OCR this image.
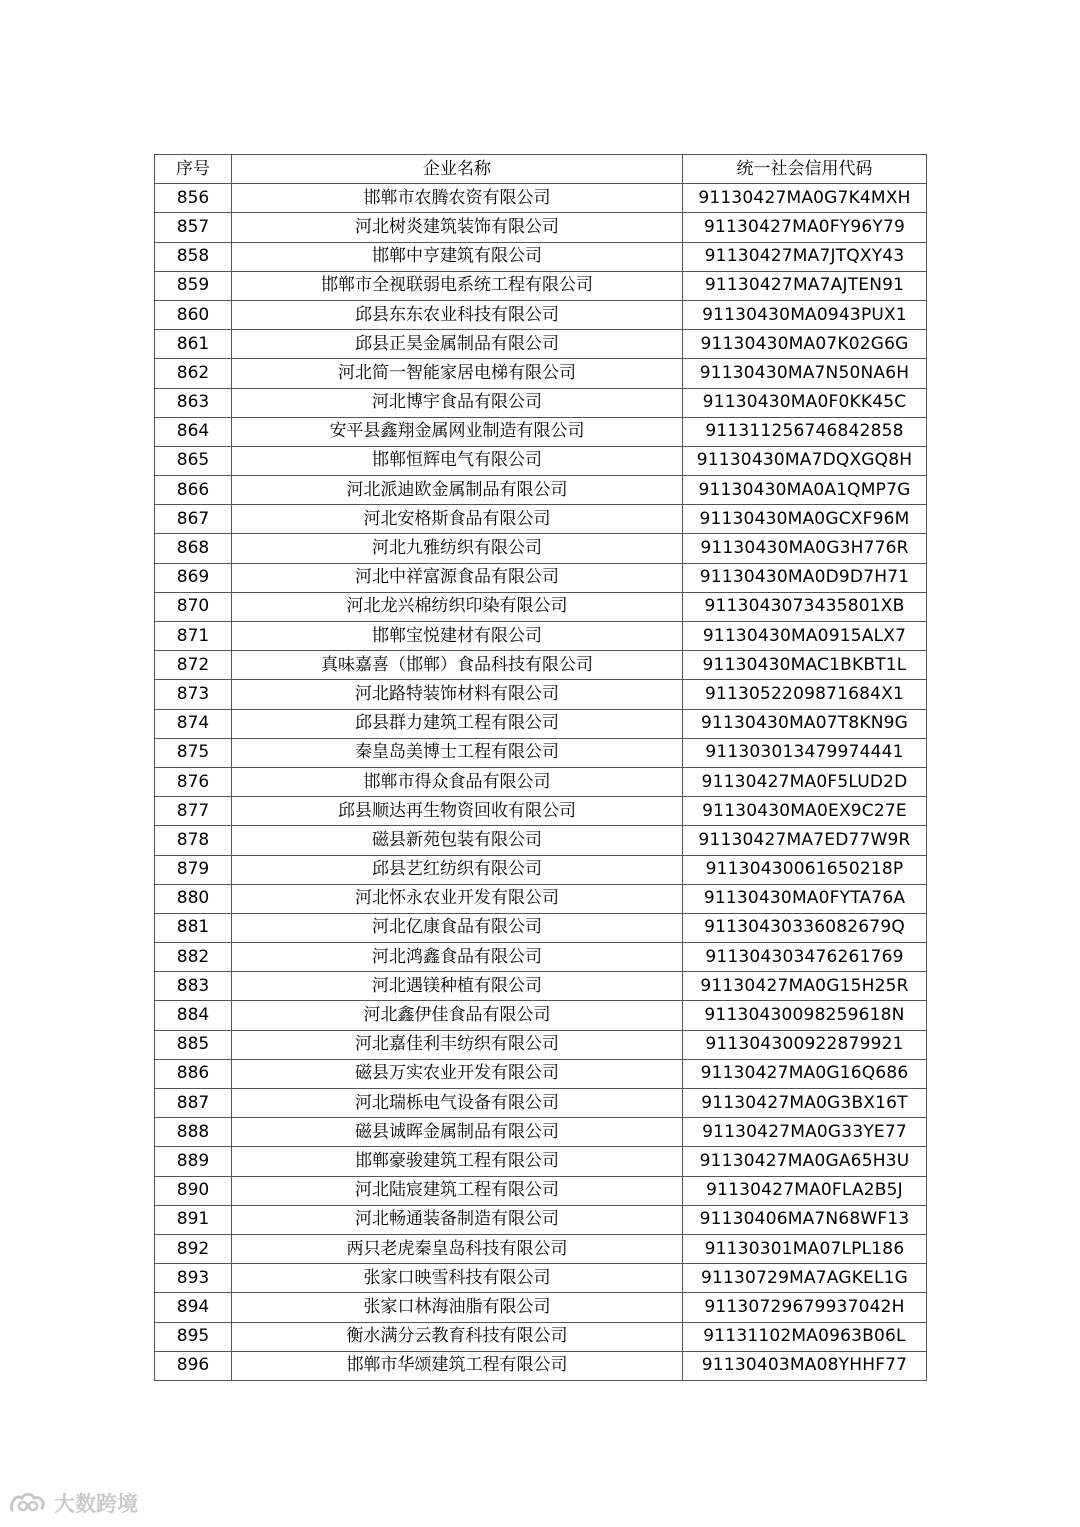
序号	企业名称	统一社会信用代码
856	邯郸市农腾农资有限公司	91130427MA0G7K4MXH
857	河北树炎建筑装饰有限公司	91130427MA0FY96Y79
858	邯郸中亨建筑有限公司	91130427MA7JTQXY43
859	邯郸市全视联弱电系统工程有限公司	91130427MA7AJTEN91
860	邱县东东农业科技有限公司	91130430MA0943PUX1
861	邱县正昊金属制品有限公司	91130430MA07K02G6G
862	河北简一智能家居电梯有限公司	91130430MA7N50NA6H
863	河北博宇食品有限公司	91130430MA0F0KK45C
864	安平县鑫翔金属网业制造有限公司	911311256746842858
865	邯郸恒辉电气有限公司	91130430MA7DQXGQ8H
866	河北派迪欧金属制品有限公司	91130430MA0A1QMP7G
867	河北安格斯食品有限公司	91130430MA0GCXF96M
868	河北九雅纺织有限公司	91130430MA0G3H776R
869	河北中祥富源食品有限公司	91130430MA0D9D7H71
870	河北龙兴棉纺织印染有限公司	9113043073435801XB
871	邯郸宝悦建材有限公司	91130430MA0915ALX7
872	真味嘉喜（邯郸）食品科技有限公司	91130430MAC1BKBT1L
873	河北路特装饰材料有限公司	9113052209871684X1
874	邱县群力建筑工程有限公司	91130430MA07T8KN9G
875	秦皇岛美博士工程有限公司	911303013479974441
876	邯郸市得众食品有限公司	91130427MA0F5LUD2D
877	邱县顺达再生物资回收有限公司	91130430MA0EX9C27E
878	磁县新苑包装有限公司	91130427MA7ED77W9R
879	邱县艺红纺织有限公司	91130430061650218P
880	河北怀永农业开发有限公司	91130430MA0FYTA76A
881	河北亿康食品有限公司	91130430336082679Q
882	河北鸿鑫食品有限公司	911304303476261769
883	河北遇镁种植有限公司	91130427MA0G15H25R
884	河北鑫伊佳食品有限公司	91130430098259618N
885	河北嘉佳利丰纺织有限公司	911304300922879921
886	磁县万实农业开发有限公司	91130427MA0G16Q686
887	河北瑞栎电气设备有限公司	91130427MA0G3BX16T
888	磁县诚晖金属制品有限公司	91130427MA0G33YE77
889	邯郸豪骏建筑工程有限公司	91130427MA0GA65H3U
890	河北陆宸建筑工程有限公司	91130427MA0FLA2B5J
891	河北畅通装备制造有限公司	91130406MA7N68WF13
892	两只老虎秦皇岛科技有限公司	91130301MA07LPL186
893	张家口映雪科技有限公司	91130729MA7AGKEL1G
894	张家口林海油脂有限公司	91130729679937042H
895	衡水满分云教育科技有限公司	91131102MA0963B06L
896	邯郸市华颂建筑工程有限公司	91130403MA08YHHF77
大数跨境
